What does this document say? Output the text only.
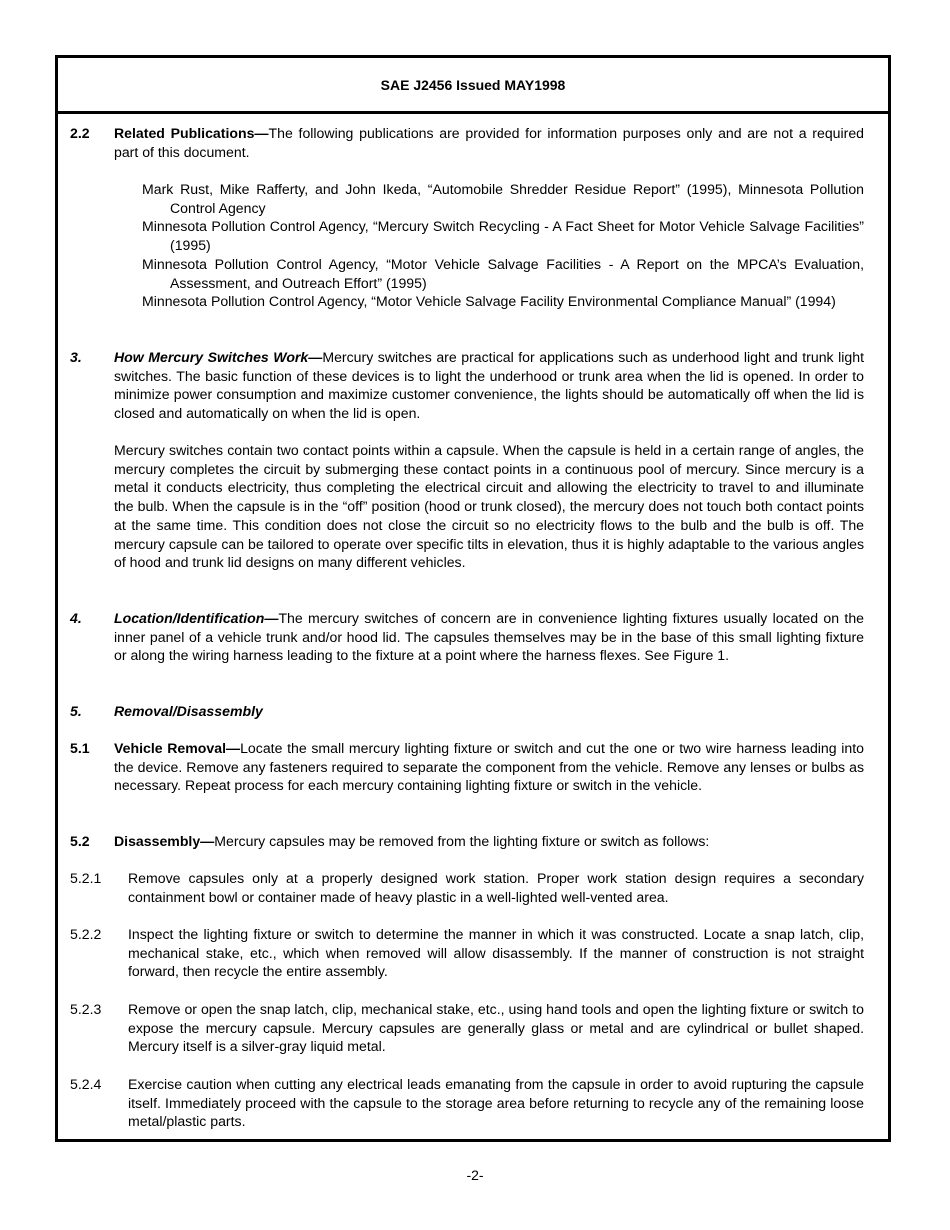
SAE J2456 Issued MAY1998
2.2	Related Publications—The following publications are provided for information purposes only and are not a required part of this document.

Mark Rust, Mike Rafferty, and John Ikeda, “Automobile Shredder Residue Report” (1995), Minnesota Pollution Control Agency

Minnesota Pollution Control Agency, “Mercury Switch Recycling - A Fact Sheet for Motor Vehicle Salvage Facilities” (1995)

Minnesota Pollution Control Agency, “Motor Vehicle Salvage Facilities - A Report on the MPCA’s Evaluation, Assessment, and Outreach Effort” (1995)

Minnesota Pollution Control Agency, “Motor Vehicle Salvage Facility Environmental Compliance Manual” (1994)

3.	How Mercury Switches Work—Mercury switches are practical for applications such as underhood light and trunk light switches. The basic function of these devices is to light the underhood or trunk area when the lid is opened. In order to minimize power consumption and maximize customer convenience, the lights should be automatically off when the lid is closed and automatically on when the lid is open.

Mercury switches contain two contact points within a capsule. When the capsule is held in a certain range of angles, the mercury completes the circuit by submerging these contact points in a continuous pool of mercury. Since mercury is a metal it conducts electricity, thus completing the electrical circuit and allowing the electricity to travel to and illuminate the bulb. When the capsule is in the “off” position (hood or trunk closed), the mercury does not touch both contact points at the same time. This condition does not close the circuit so no electricity flows to the bulb and the bulb is off. The mercury capsule can be tailored to operate over specific tilts in elevation, thus it is highly adaptable to the various angles of hood and trunk lid designs on many different vehicles.

4.	Location/Identification—The mercury switches of concern are in convenience lighting fixtures usually located on the inner panel of a vehicle trunk and/or hood lid. The capsules themselves may be in the base of this small lighting fixture or along the wiring harness leading to the fixture at a point where the harness flexes. See Figure 1.

5.	Removal/Disassembly

5.1	Vehicle Removal—Locate the small mercury lighting fixture or switch and cut the one or two wire harness leading into the device. Remove any fasteners required to separate the component from the vehicle. Remove any lenses or bulbs as necessary. Repeat process for each mercury containing lighting fixture or switch in the vehicle.

5.2	Disassembly—Mercury capsules may be removed from the lighting fixture or switch as follows:

5.2.1	Remove capsules only at a properly designed work station. Proper work station design requires a secondary containment bowl or container made of heavy plastic in a well-lighted well-vented area.

5.2.2	Inspect the lighting fixture or switch to determine the manner in which it was constructed. Locate a snap latch, clip, mechanical stake, etc., which when removed will allow disassembly. If the manner of construction is not straight forward, then recycle the entire assembly.

5.2.3	Remove or open the snap latch, clip, mechanical stake, etc., using hand tools and open the lighting fixture or switch to expose the mercury capsule. Mercury capsules are generally glass or metal and are cylindrical or bullet shaped. Mercury itself is a silver-gray liquid metal.

5.2.4	Exercise caution when cutting any electrical leads emanating from the capsule in order to avoid rupturing the capsule itself. Immediately proceed with the capsule to the storage area before returning to recycle any of the remaining loose metal/plastic parts.

-2-
